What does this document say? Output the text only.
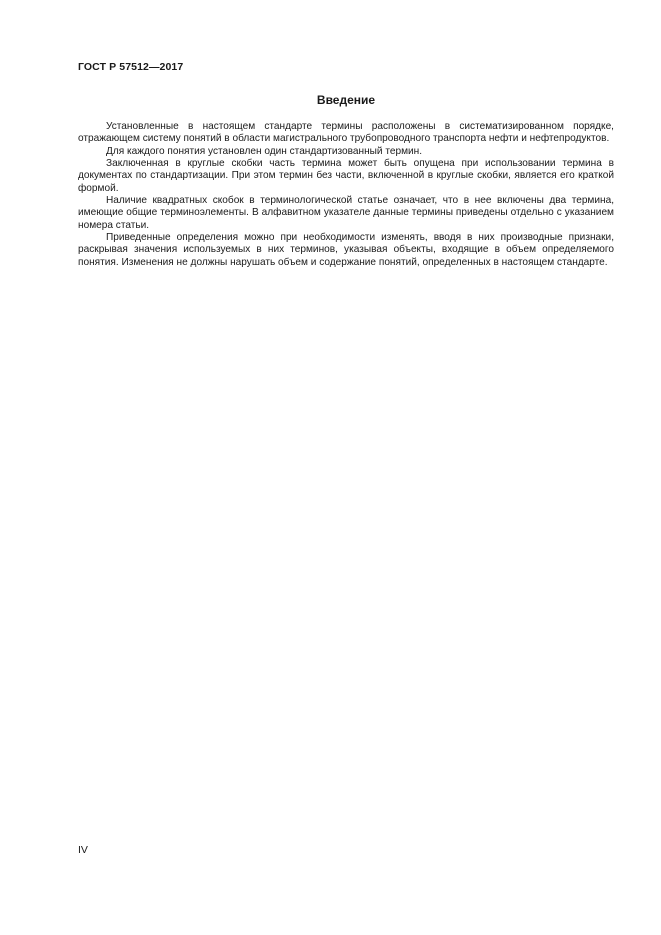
ГОСТ Р 57512—2017
Введение

Установленные в настоящем стандарте термины расположены в систематизированном порядке, отражающем систему понятий в области магистрального трубопроводного транспорта нефти и нефтепродуктов.

Для каждого понятия установлен один стандартизованный термин.

Заключенная в круглые скобки часть термина может быть опущена при использовании термина в документах по стандартизации. При этом термин без части, включенной в круглые скобки, является его краткой формой.

Наличие квадратных скобок в терминологической статье означает, что в нее включены два термина, имеющие общие терминоэлементы. В алфавитном указателе данные термины приведены отдельно с указанием номера статьи.

Приведенные определения можно при необходимости изменять, вводя в них производные признаки, раскрывая значения используемых в них терминов, указывая объекты, входящие в объем определяемого понятия. Изменения не должны нарушать объем и содержание понятий, определенных в настоящем стандарте.

IV
